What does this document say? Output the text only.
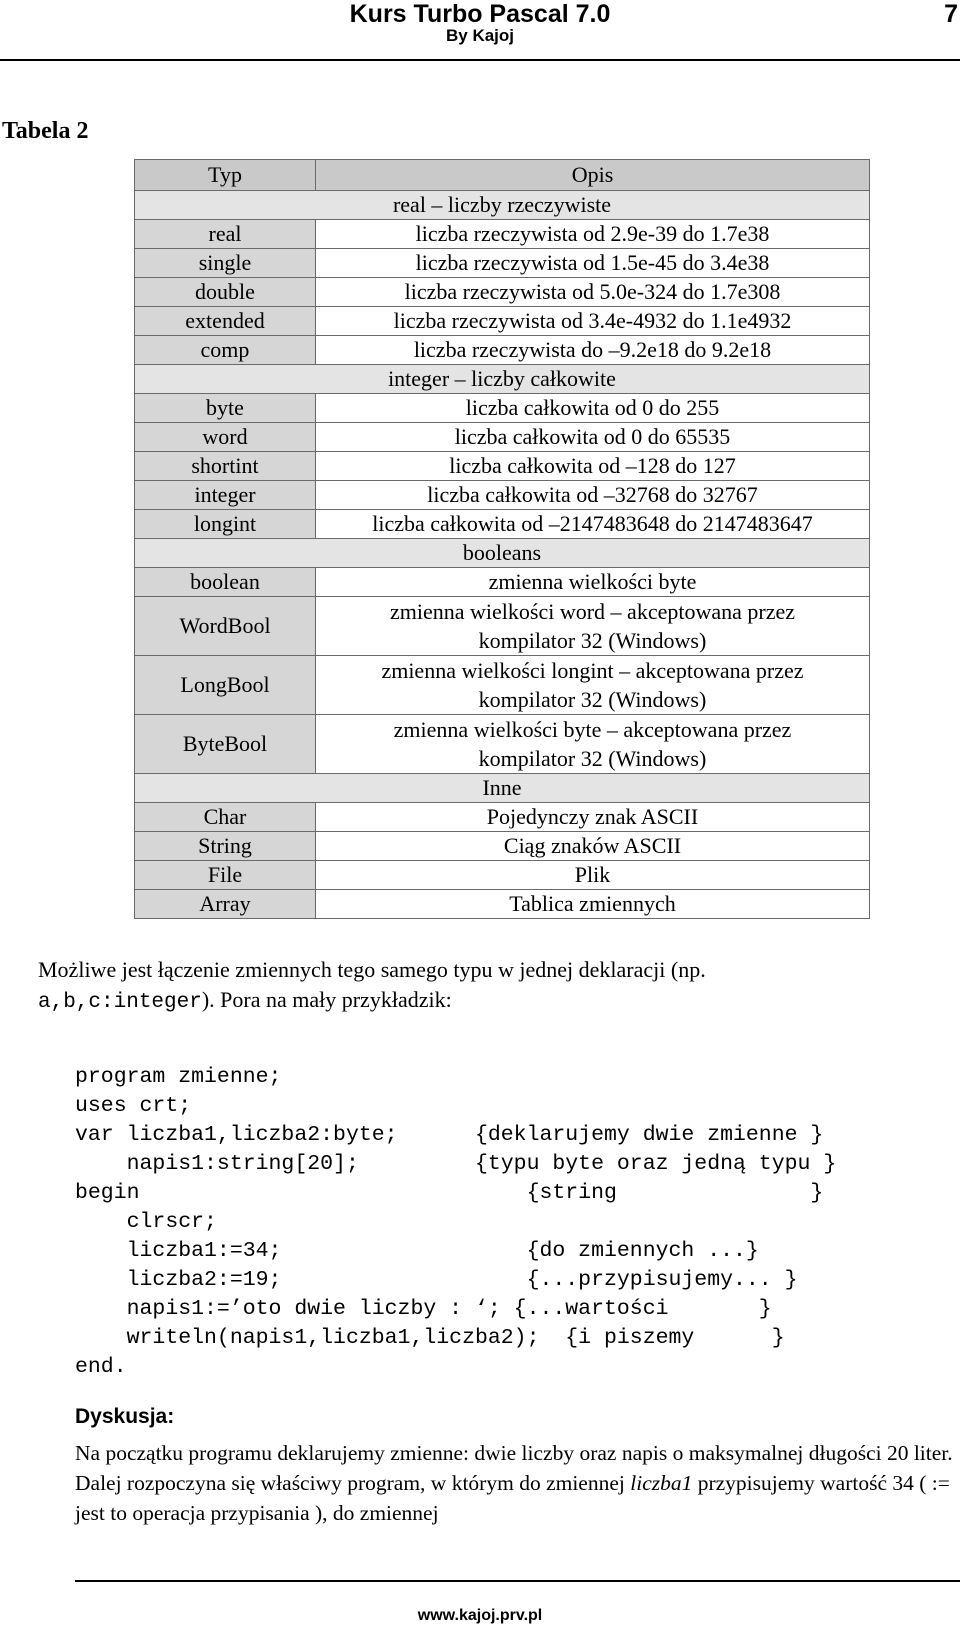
Kurs Turbo Pascal 7.0
By Kajoj
7
Tabela 2
Typ	Opis
real – liczby rzeczywiste	
real	liczba rzeczywista od 2.9e-39 do 1.7e38
single	liczba rzeczywista od 1.5e-45 do 3.4e38
double	liczba rzeczywista od 5.0e-324 do 1.7e308
extended	liczba rzeczywista od 3.4e-4932 do 1.1e4932
comp	liczba rzeczywista do –9.2e18 do 9.2e18
integer – liczby całkowite	
byte	liczba całkowita od 0 do 255
word	liczba całkowita od 0 do 65535
shortint	liczba całkowita od –128 do 127
integer	liczba całkowita od –32768 do 32767
longint	liczba całkowita od –2147483648 do 2147483647
booleans	
boolean	zmienna wielkości byte
WordBool	zmienna wielkości word – akceptowana przez
kompilator 32 (Windows)

LongBool	zmienna wielkości longint – akceptowana przez
kompilator 32 (Windows)

ByteBool	zmienna wielkości byte – akceptowana przez
kompilator 32 (Windows)

Inne	
Char	Pojedynczy znak ASCII
String	Ciąg znaków ASCII
File	Plik
Array	Tablica zmiennych
Możliwe jest łączenie zmiennych tego samego typu w jednej deklaracji (np.
a,b,c:integer). Pora na mały przykładzik:
program zmienne;
uses crt;
var liczba1,liczba2:byte;      {deklarujemy dwie zmienne }
napis1:string[20];         {typu byte oraz jedną typu }
begin                              {string               }
clrscr;
liczba1:=34;                   {do zmiennych ...}
liczba2:=19;                   {...przypisujemy... }
napis1:=’oto dwie liczby : ‘; {...wartości       }
writeln(napis1,liczba1,liczba2);  {i piszemy      }
end.
Dyskusja:
Na początku programu deklarujemy zmienne: dwie liczby oraz napis o maksymalnej długości 20 liter. Dalej rozpoczyna się właściwy program, w którym do zmiennej liczba1 przypisujemy wartość 34 ( := jest to operacja przypisania ), do zmiennej
www.kajoj.prv.pl
